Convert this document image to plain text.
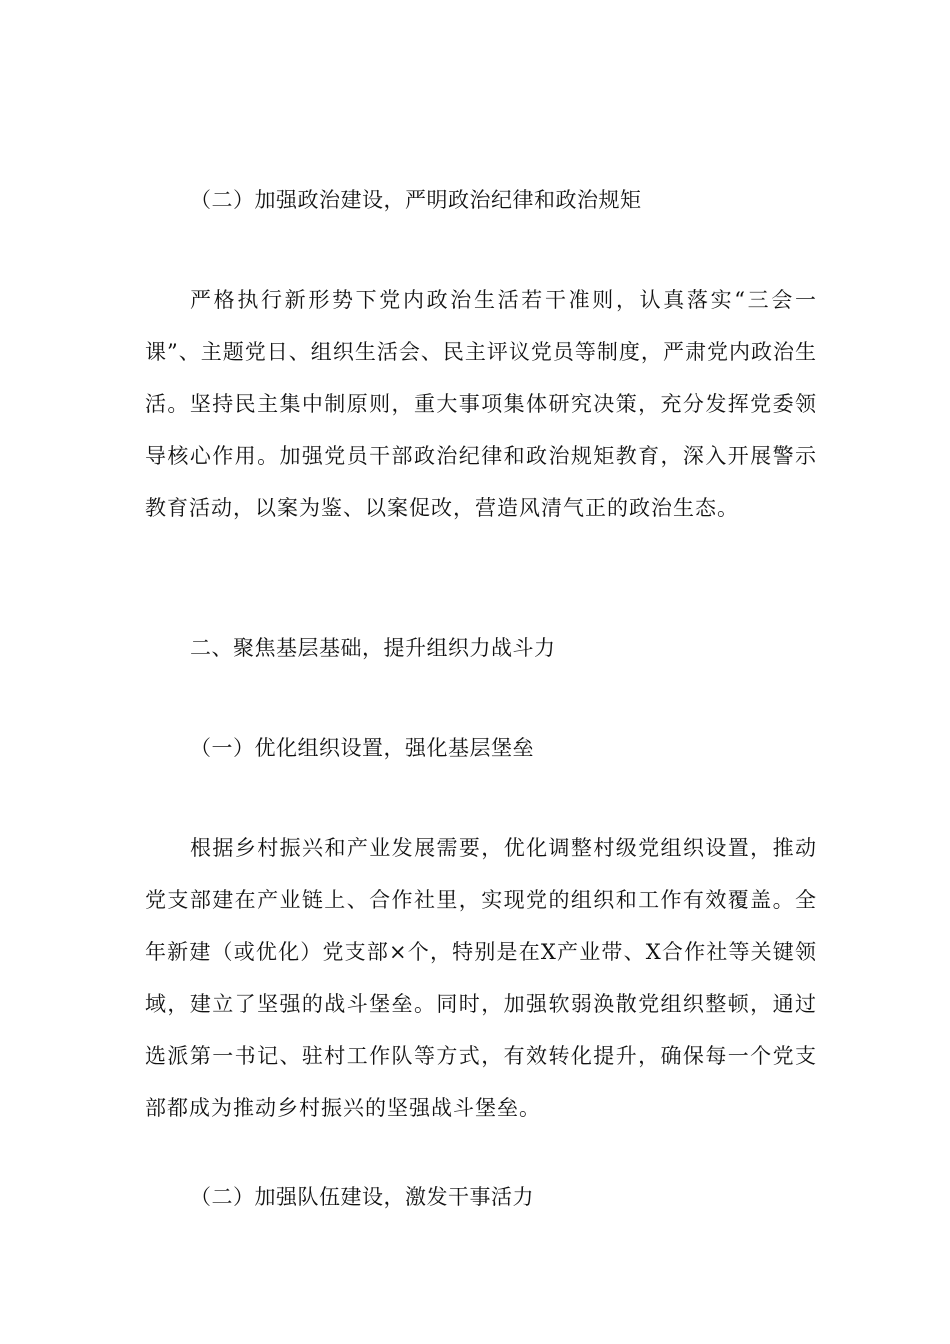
（二）加强政治建设，严明政治纪律和政治规矩

严格执行新形势下党内政治生活若干准则，认真落实“三会一课”、主题党日、组织生活会、民主评议党员等制度，严肃党内政治生活。坚持民主集中制原则，重大事项集体研究决策，充分发挥党委领导核心作用。加强党员干部政治纪律和政治规矩教育，深入开展警示教育活动，以案为鉴、以案促改，营造风清气正的政治生态。

二、聚焦基层基础，提升组织力战斗力
（一）优化组织设置，强化基层堡垒

根据乡村振兴和产业发展需要，优化调整村级党组织设置，推动党支部建在产业链上、合作社里，实现党的组织和工作有效覆盖。全年新建（或优化）党支部×个，特别是在X产业带、X合作社等关键领域，建立了坚强的战斗堡垒。同时，加强软弱涣散党组织整顿，通过选派第一书记、驻村工作队等方式，有效转化提升，确保每一个党支部都成为推动乡村振兴的坚强战斗堡垒。

（二）加强队伍建设，激发干事活力
